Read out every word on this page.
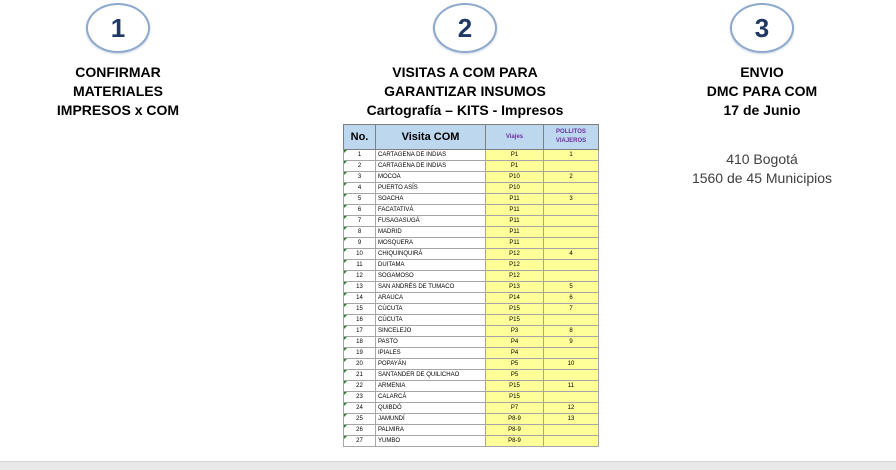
1
CONFIRMAR
MATERIALES
IMPRESOS x COM
2
VISITAS A COM PARA
GARANTIZAR INSUMOS
Cartografía – KITS - Impresos
3
ENVIO
DMC PARA COM
17 de Junio
410 Bogotá
1560 de 45 Municipios
No.	Visita COM	Viajes	POLLITOS
VIAJEROS

1	CARTAGENA DE INDIAS	P1	1
2	CARTAGENA DE INDIAS	P1	
3	MOCOA	P10	2
4	PUERTO ASÍS	P10	
5	SOACHA	P11	3
6	FACATATIVÁ	P11	
7	FUSAGASUGÁ	P11	
8	MADRID	P11	
9	MOSQUERA	P11	
10	CHIQUINQUIRÁ	P12	4
11	DUITAMA	P12	
12	SOGAMOSO	P12	
13	SAN ANDRÉS DE TUMACO	P13	5
14	ARAUCA	P14	6
15	CÚCUTA	P15	7
16	CÚCUTA	P15	
17	SINCELEJO	P3	8
18	PASTO	P4	9
19	IPIALES	P4	
20	POPAYÁN	P5	10
21	SANTANDER DE QUILICHAO	P5	
22	ARMENIA	P15	11
23	CALARCÁ	P15	
24	QUIBDÓ	P7	12
25	JAMUNDÍ	P8-9	13
26	PALMIRA	P8-9	
27	YUMBO	P8-9	
